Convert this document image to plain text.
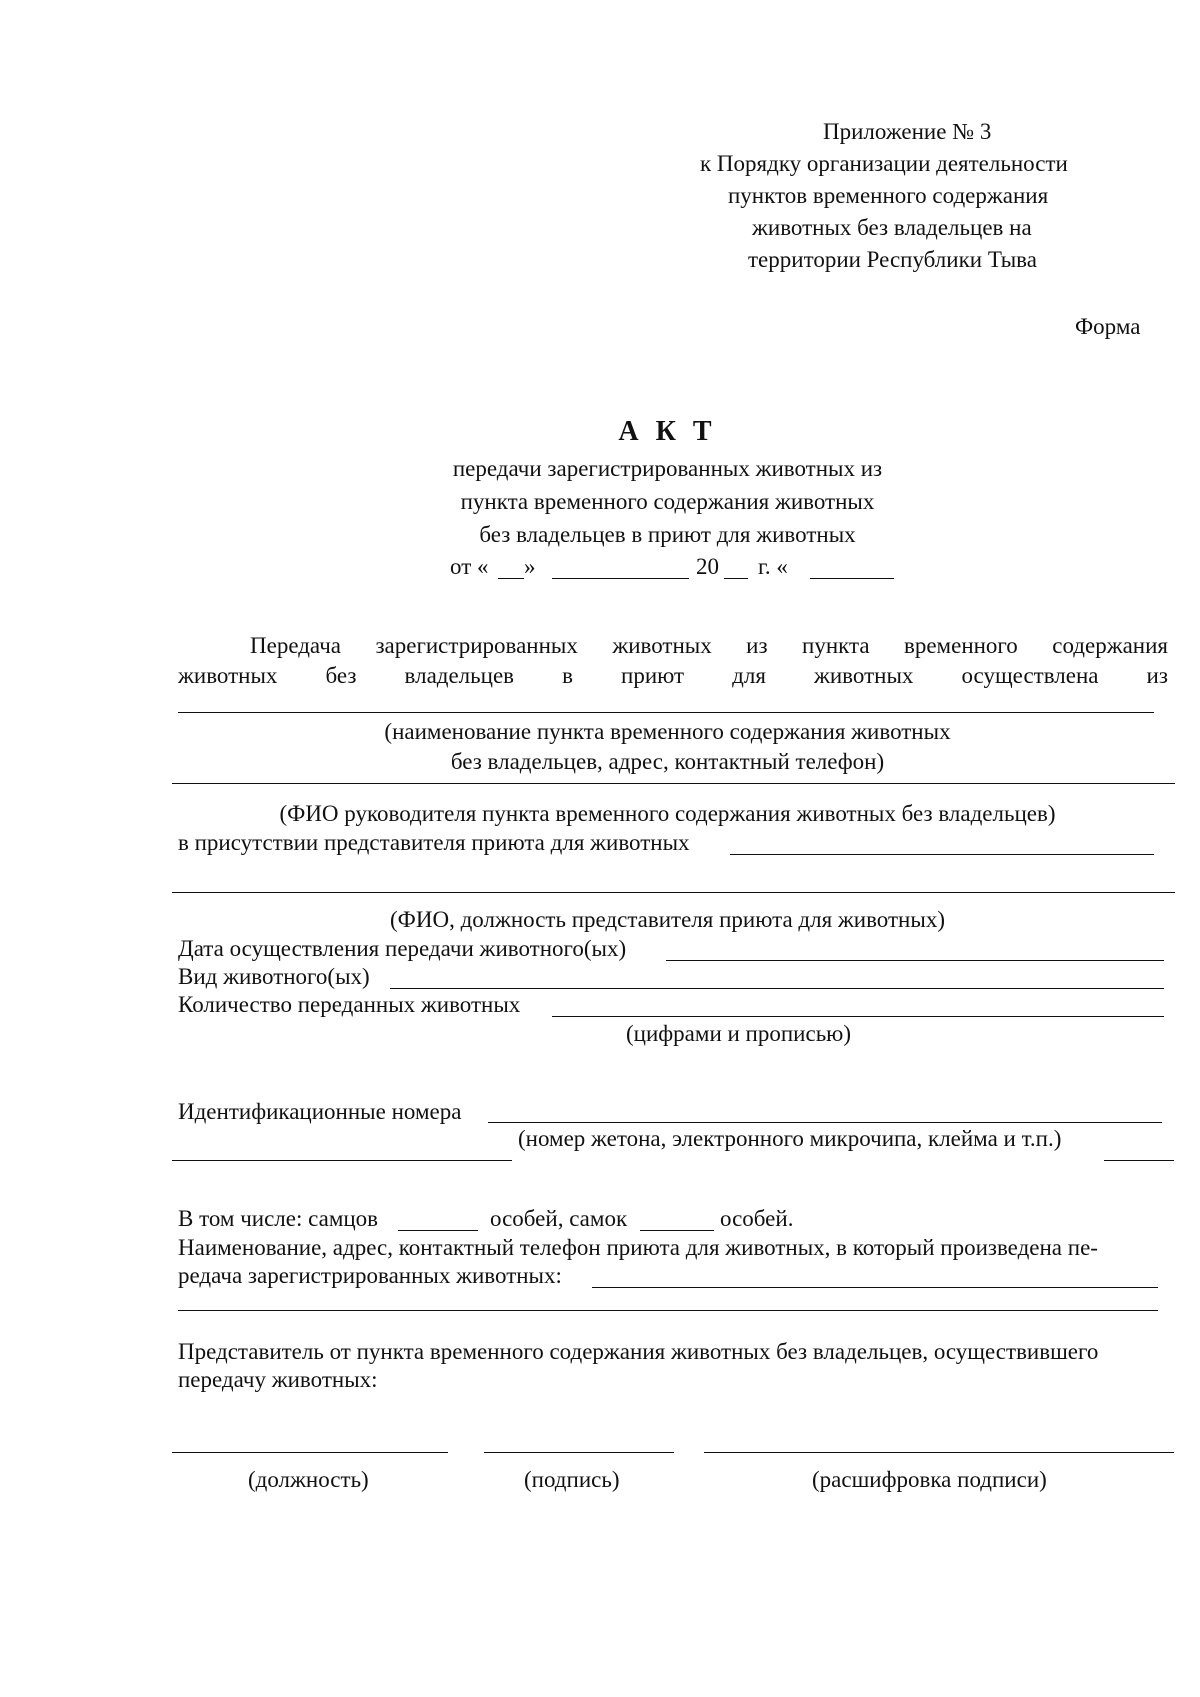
Приложение № 3
к Порядку организации деятельности
пунктов временного содержания
животных без владельцев на
территории Республики Тыва
Форма
А К Т
передачи зарегистрированных животных из
пункта временного содержания животных
без владельцев в приют для животных
от « »	20 г. «
Передача зарегистрированных животных из пункта временного содержания
животных без владельцев в приют для животных осуществлена из
(наименование пункта временного содержания животных
без владельцев, адрес, контактный телефон)
(ФИО руководителя пункта временного содержания животных без владельцев)
в присутствии представителя приюта для животных
(ФИО, должность представителя приюта для животных)
Дата осуществления передачи животного(ых)
Вид животного(ых)
Количество переданных животных
(цифрами и прописью)
Идентификационные номера
(номер жетона, электронного микрочипа, клейма и т.п.)
В том числе: самцов	особей, самок	особей.
Наименование, адрес, контактный телефон приюта для животных, в который произведена пе-
редача зарегистрированных животных:
Представитель от пункта временного содержания животных без владельцев, осуществившего
передачу животных:
(должность)	(подпись)	(расшифровка подписи)
